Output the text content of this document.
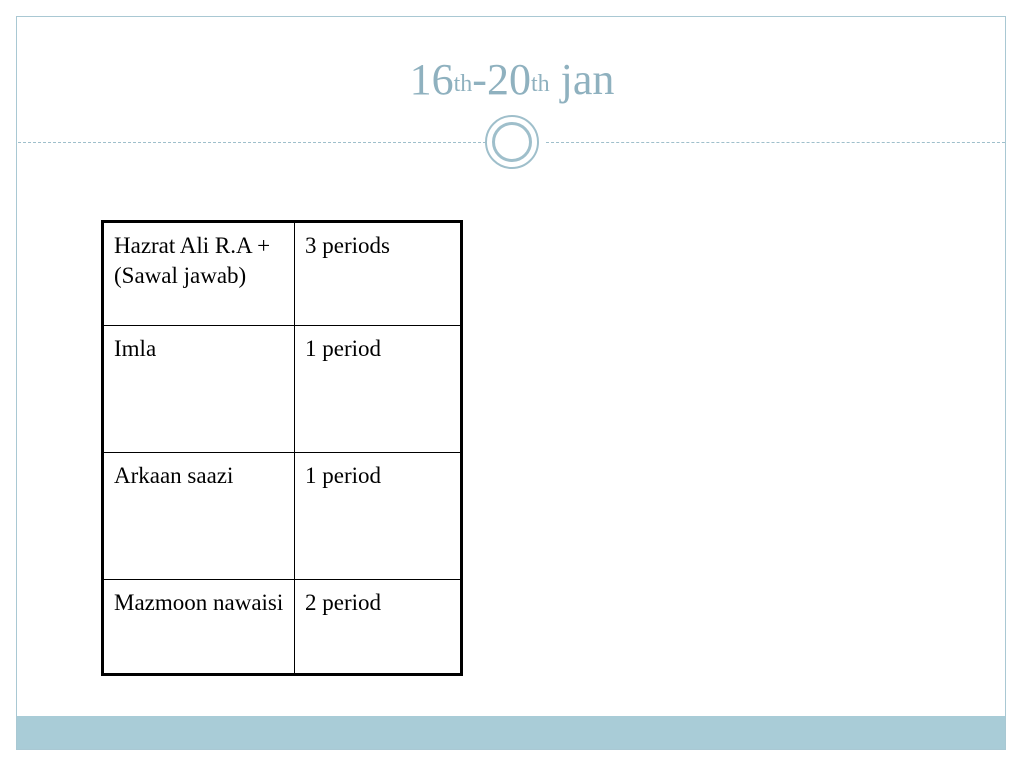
16th-20th jan
Hazrat Ali R.A + (Sawal jawab)	3 periods
Imla	1 period
Arkaan saazi	1 period
Mazmoon nawaisi	2 period
